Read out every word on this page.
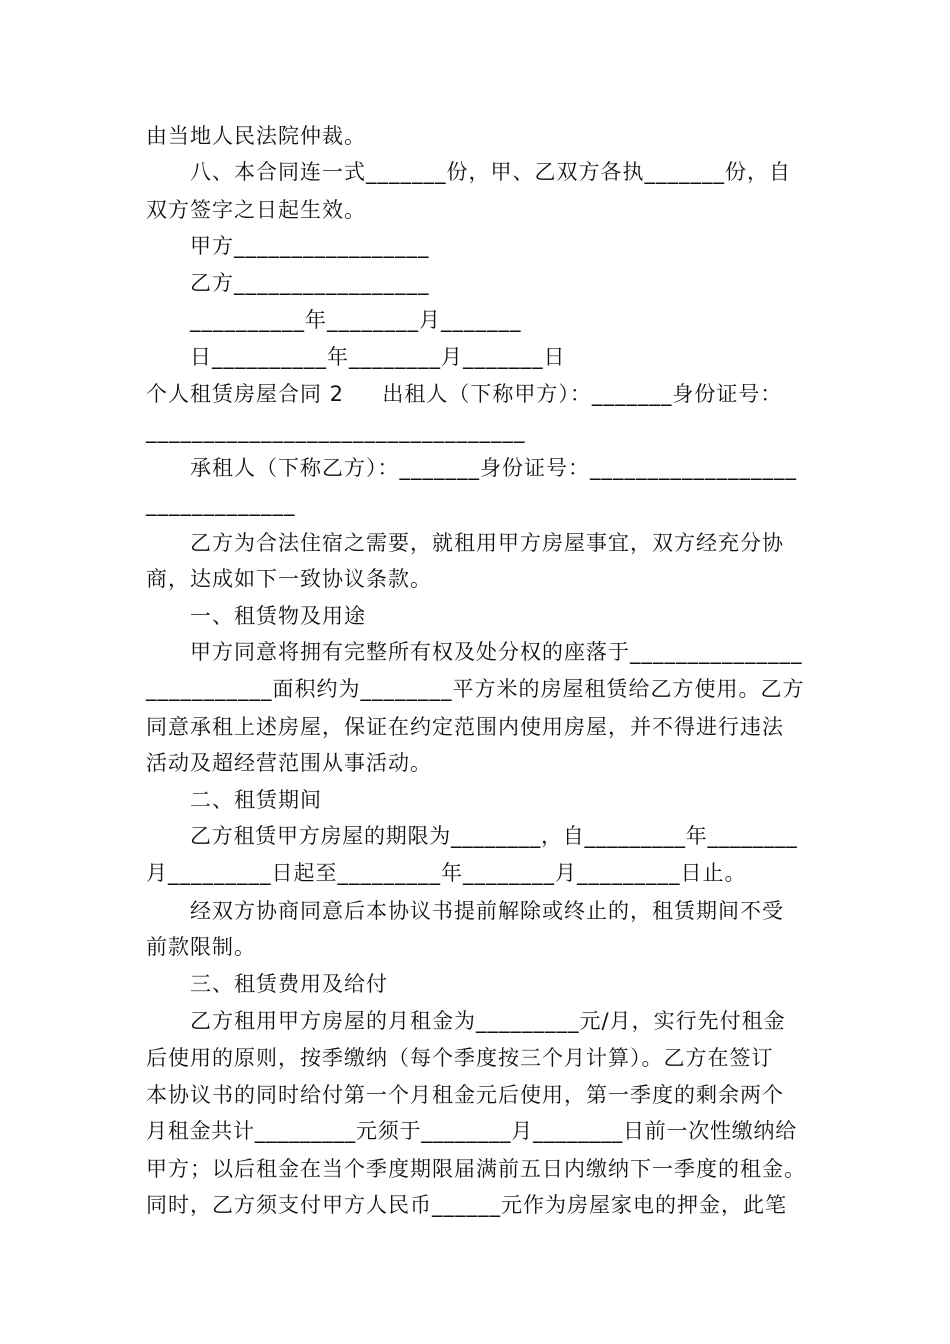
由当地人民法院仲裁。
八、本合同连一式_______份，甲、乙双方各执_______份，自
双方签字之日起生效。
甲方_________________
乙方_________________
__________年________月_______
日__________年________月_______日
个人租赁房屋合同 2     出租人（下称甲方）：_______身份证号：
_________________________________
承租人（下称乙方）：_______身份证号：__________________
_____________
乙方为合法住宿之需要，就租用甲方房屋事宜，双方经充分协
商，达成如下一致协议条款。
一、租赁物及用途
甲方同意将拥有完整所有权及处分权的座落于_______________
___________面积约为________平方米的房屋租赁给乙方使用。乙方
同意承租上述房屋，保证在约定范围内使用房屋，并不得进行违法
活动及超经营范围从事活动。
二、租赁期间
乙方租赁甲方房屋的期限为________，自_________年________
月_________日起至_________年________月_________日止。
经双方协商同意后本协议书提前解除或终止的，租赁期间不受
前款限制。
三、租赁费用及给付
乙方租用甲方房屋的月租金为_________元/月，实行先付租金
后使用的原则，按季缴纳（每个季度按三个月计算）。乙方在签订
本协议书的同时给付第一个月租金元后使用，第一季度的剩余两个
月租金共计_________元须于________月________日前一次性缴纳给
甲方；以后租金在当个季度期限届满前五日内缴纳下一季度的租金。
同时，乙方须支付甲方人民币______元作为房屋家电的押金，此笔
